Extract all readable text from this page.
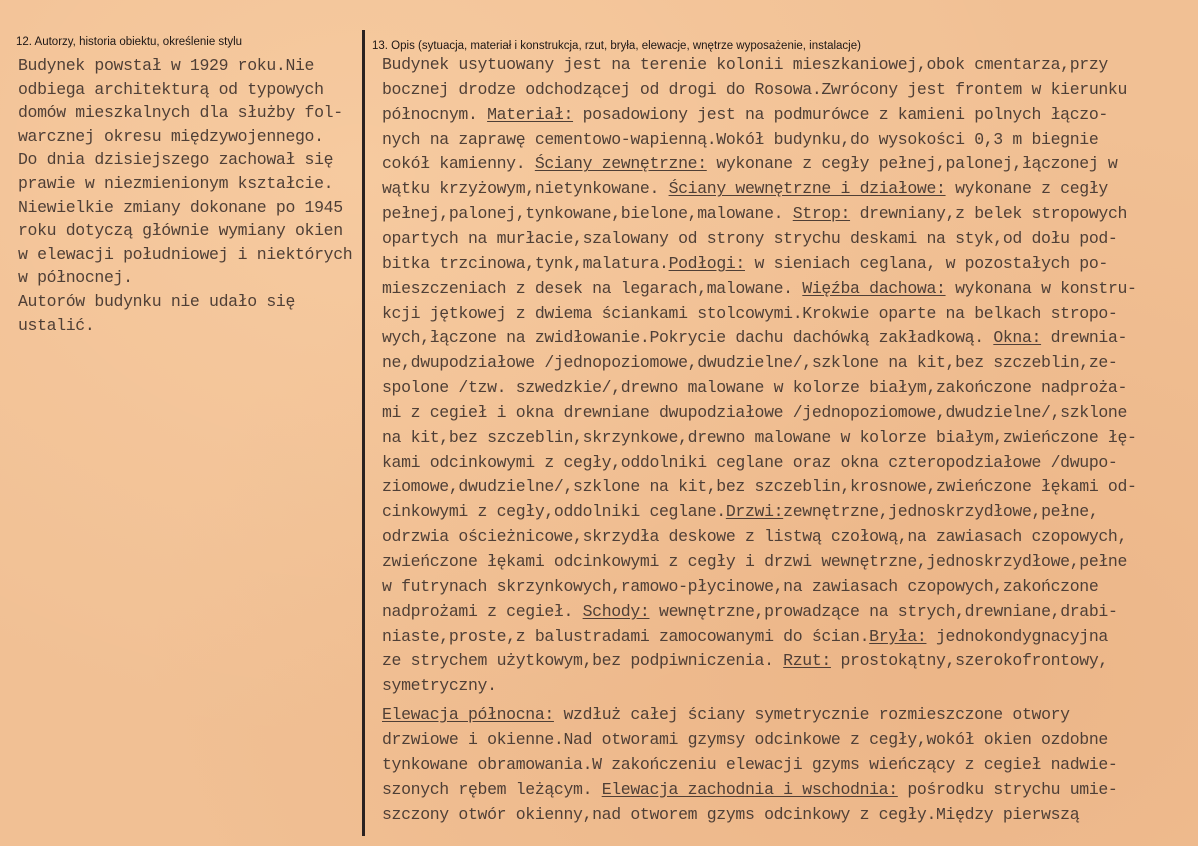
12. Autorzy, historia obiektu, określenie stylu	13. Opis (sytuacja, materiał i konstrukcja, rzut, bryła, elewacje, wnętrze wyposażenie, instalacje)
Budynek powstał w 1929 roku.Nie
odbiega architekturą od typowych
domów mieszkalnych dla służby fol-
warcznej okresu międzywojennego.
Do dnia dzisiejszego zachował się
prawie w niezmienionym kształcie.
Niewielkie zmiany dokonane po 1945
roku dotyczą głównie wymiany okien
w elewacji południowej i niektórych
w północnej.
Autorów budynku nie udało się
ustalić.
Budynek usytuowany jest na terenie kolonii mieszkaniowej,obok cmentarza,przy
bocznej drodze odchodzącej od drogi do Rosowa.Zwrócony jest frontem w kierunku
północnym. Materiał: posadowiony jest na podmurówce z kamieni polnych łączo-
nych na zaprawę cementowo-wapienną.Wokół budynku,do wysokości 0,3 m biegnie
cokół kamienny. Ściany zewnętrzne: wykonane z cegły pełnej,palonej,łączonej w
wątku krzyżowym,nietynkowane. Ściany wewnętrzne i działowe: wykonane z cegły
pełnej,palonej,tynkowane,bielone,malowane. Strop: drewniany,z belek stropowych
opartych na murłacie,szalowany od strony strychu deskami na styk,od dołu pod-
bitka trzcinowa,tynk,malatura.Podłogi: w sieniach ceglana, w pozostałych po-
mieszczeniach z desek na legarach,malowane. Więźba dachowa: wykonana w konstru-
kcji jętkowej z dwiema ściankami stolcowymi.Krokwie oparte na belkach stropo-
wych,łączone na zwidłowanie.Pokrycie dachu dachówką zakładkową. Okna: drewnia-
ne,dwupodziałowe /jednopoziomowe,dwudzielne/,szklone na kit,bez szczeblin,ze-
spolone /tzw. szwedzkie/,drewno malowane w kolorze białym,zakończone nadproża-
mi z cegieł i okna drewniane dwupodziałowe /jednopoziomowe,dwudzielne/,szklone
na kit,bez szczeblin,skrzynkowe,drewno malowane w kolorze białym,zwieńczone łę-
kami odcinkowymi z cegły,oddolniki ceglane oraz okna czteropodziałowe /dwupo-
ziomowe,dwudzielne/,szklone na kit,bez szczeblin,krosnowe,zwieńczone łękami od-
cinkowymi z cegły,oddolniki ceglane.Drzwi:zewnętrzne,jednoskrzydłowe,pełne,
odrzwia ościeżnicowe,skrzydła deskowe z listwą czołową,na zawiasach czopowych,
zwieńczone łękami odcinkowymi z cegły i drzwi wewnętrzne,jednoskrzydłowe,pełne
w futrynach skrzynkowych,ramowo-płycinowe,na zawiasach czopowych,zakończone
nadprożami z cegieł. Schody: wewnętrzne,prowadzące na strych,drewniane,drabi-
niaste,proste,z balustradami zamocowanymi do ścian.Bryła: jednokondygnacyjna
ze strychem użytkowym,bez podpiwniczenia. Rzut: prostokątny,szerokofrontowy,
symetryczny.
Elewacja północna: wzdłuż całej ściany symetrycznie rozmieszczone otwory
drzwiowe i okienne.Nad otworami gzymsy odcinkowe z cegły,wokół okien ozdobne
tynkowane obramowania.W zakończeniu elewacji gzyms wieńczący z cegieł nadwie-
szonych rębem leżącym. Elewacja zachodnia i wschodnia: pośrodku strychu umie-
szczony otwór okienny,nad otworem gzyms odcinkowy z cegły.Między pierwszą
